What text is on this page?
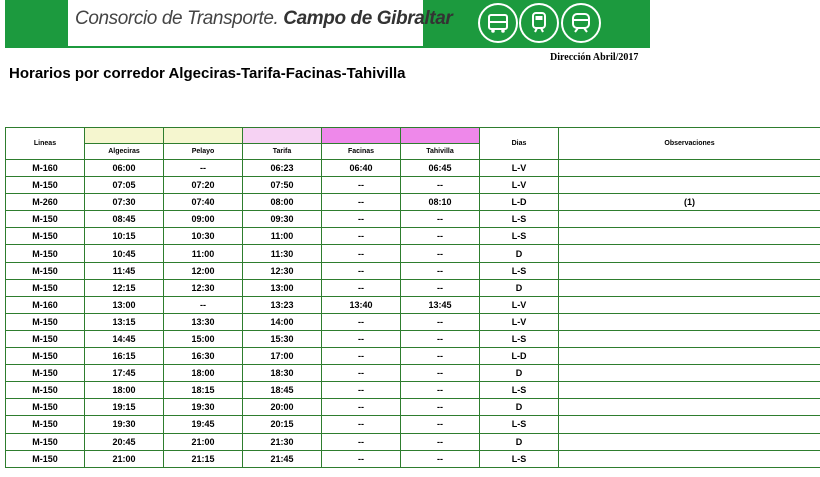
Consorcio de Transporte. Campo de Gibraltar
Dirección Abril/2017
Horarios por corredor Algeciras-Tarifa-Facinas-Tahivilla
Lineas						Dias	Observaciones
	Algeciras	Pelayo	Tarifa	Facinas	Tahivilla		
M-160	06:00	--	06:23	06:40	06:45	L-V	
M-150	07:05	07:20	07:50	--	--	L-V	
M-260	07:30	07:40	08:00	--	08:10	L-D	(1)
M-150	08:45	09:00	09:30	--	--	L-S	
M-150	10:15	10:30	11:00	--	--	L-S	
M-150	10:45	11:00	11:30	--	--	D	
M-150	11:45	12:00	12:30	--	--	L-S	
M-150	12:15	12:30	13:00	--	--	D	
M-160	13:00	--	13:23	13:40	13:45	L-V	
M-150	13:15	13:30	14:00	--	--	L-V	
M-150	14:45	15:00	15:30	--	--	L-S	
M-150	16:15	16:30	17:00	--	--	L-D	
M-150	17:45	18:00	18:30	--	--	D	
M-150	18:00	18:15	18:45	--	--	L-S	
M-150	19:15	19:30	20:00	--	--	D	
M-150	19:30	19:45	20:15	--	--	L-S	
M-150	20:45	21:00	21:30	--	--	D	
M-150	21:00	21:15	21:45	--	--	L-S	
